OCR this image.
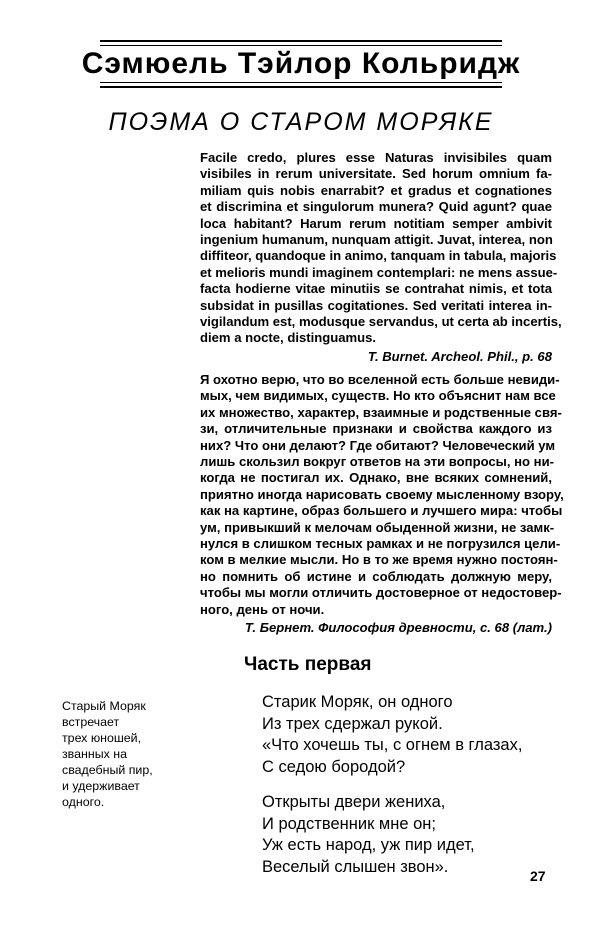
Сэмюель Тэйлор Кольридж
ПОЭМА О СТАРОМ МОРЯКЕ
Facile credo, plures esse Naturas invisibiles quam
visibiles in rerum universitate. Sed horum omnium fa-
miliam quis nobis enarrabit? et gradus et cognationes
et discrimina et singulorum munera? Quid agunt? quae
loca habitant? Harum rerum notitiam semper ambivit
ingenium humanum, nunquam attigit. Juvat, interea, non
diffiteor, quandoque in animo, tanquam in tabula, majoris
et melioris mundi imaginem contemplari: ne mens assue-
facta hodierne vitae minutiis se contrahat nimis, et tota
subsidat in pusillas cogitationes. Sed veritati interea in-
vigilandum est, modusque servandus, ut certa ab incertis,
diem a nocte, distinguamus.
T. Burnet. Archeol. Phil., p. 68
Я охотно верю, что во вселенной есть больше невиди-
мых, чем видимых, существ. Но кто объяснит нам все
их множество, характер, взаимные и родственные свя-
зи, отличительные признаки и свойства каждого из
них? Что они делают? Где обитают? Человеческий ум
лишь скользил вокруг ответов на эти вопросы, но ни-
когда не постигал их. Однако, вне всяких сомнений,
приятно иногда нарисовать своему мысленному взору,
как на картине, образ большего и лучшего мира: чтобы
ум, привыкший к мелочам обыденной жизни, не замк-
нулся в слишком тесных рамках и не погрузился цели-
ком в мелкие мысли. Но в то же время нужно постоян-
но помнить об истине и соблюдать должную меру,
чтобы мы могли отличить достоверное от недостовер-
ного, день от ночи.
Т. Бернет. Философия древности, с. 68 (лат.)
Часть первая
Старый Моряк
встречает
трех юношей,
званных на
свадебный пир,
и удерживает
одного.
Старик Моряк, он одного
Из трех сдержал рукой.
«Что хочешь ты, с огнем в глазах,
С седою бородой?
Открыты двери жениха,
И родственник мне он;
Уж есть народ, уж пир идет,
Веселый слышен звон».
27
